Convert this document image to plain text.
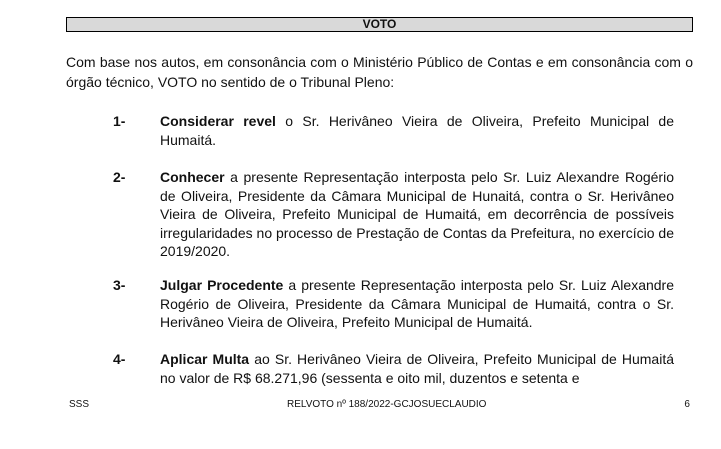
VOTO
Com base nos autos, em consonância com o Ministério Público de Contas e em consonância com o órgão técnico, VOTO no sentido de o Tribunal Pleno:
1- Considerar revel o Sr. Herivâneo Vieira de Oliveira, Prefeito Municipal de Humaitá.
2- Conhecer a presente Representação interposta pelo Sr. Luiz Alexandre Rogério de Oliveira, Presidente da Câmara Municipal de Hunaitá, contra o Sr. Herivâneo Vieira de Oliveira, Prefeito Municipal de Humaitá, em decorrência de possíveis irregularidades no processo de Prestação de Contas da Prefeitura, no exercício de 2019/2020.
3- Julgar Procedente a presente Representação interposta pelo Sr. Luiz Alexandre Rogério de Oliveira, Presidente da Câmara Municipal de Humaitá, contra o Sr. Herivâneo Vieira de Oliveira, Prefeito Municipal de Humaitá.
4- Aplicar Multa ao Sr. Herivâneo Vieira de Oliveira, Prefeito Municipal de Humaitá no valor de R$ 68.271,96 (sessenta e oito mil, duzentos e setenta e
SSS	RELVOTO nº 188/2022-GCJOSUECLAUDIO	6
